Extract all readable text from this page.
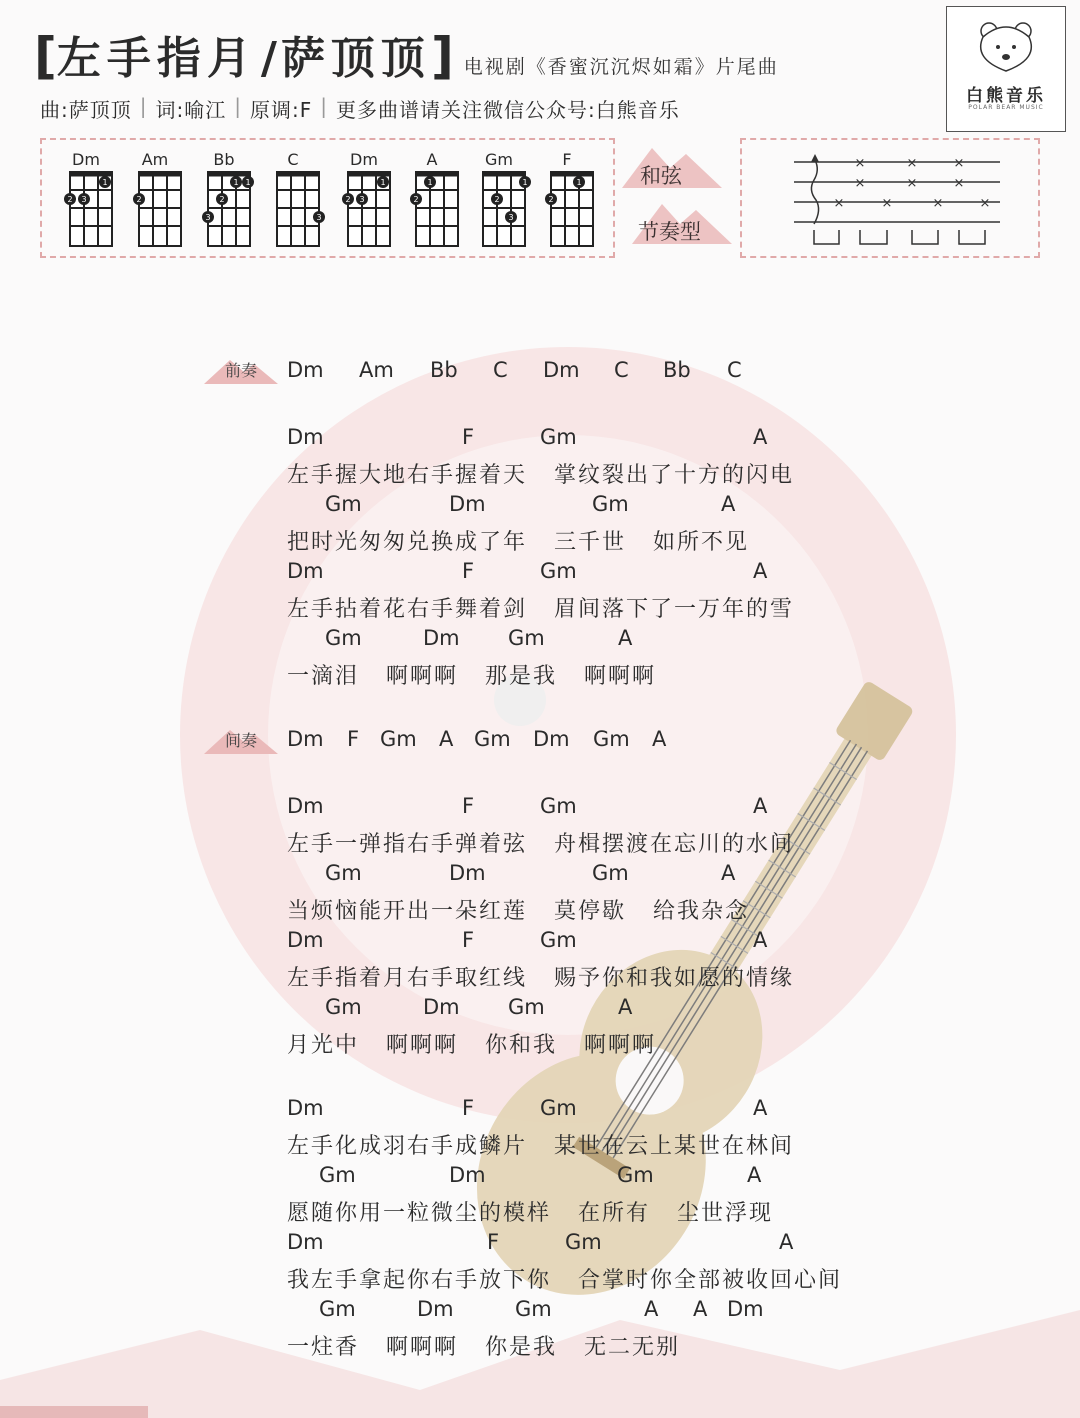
[ 左手指月 / 萨顶顶 ] 电视剧《香蜜沉沉烬如霜》片尾曲
曲:萨顶顶 | 词:喻江 | 原调:F | 更多曲谱请关注微信公众号:白熊音乐
白熊音乐
POLAR BEAR MUSIC
Dm
1
2 3
Am
2
Bb
1 1
2
3
C
3
Dm
1
2 3
A
1
2
Gm
1
2
3
F
1
2
和弦
节奏型
×	×	×
×	×	×
×	×	×	×
前奏	Dm Am Bb C Dm C Bb C
间奏	Dm F Gm A Gm Dm Gm A
Dm	F	Gm	A
左手握大地右手握着天   掌纹裂出了十方的闪电
Gm	Dm	Gm	A
把时光匆匆兑换成了年   三千世   如所不见
Dm	F	Gm	A
左手拈着花右手舞着剑   眉间落下了一万年的雪
Gm	Dm Gm	A
一滴泪   啊啊啊   那是我   啊啊啊
Dm	F	Gm	A
左手一弹指右手弹着弦   舟楫摆渡在忘川的水间
Gm	Dm	Gm	A
当烦恼能开出一朵红莲   莫停歇   给我杂念
Dm	F	Gm	A
左手指着月右手取红线   赐予你和我如愿的情缘
Gm	Dm Gm	A
月光中   啊啊啊   你和我   啊啊啊
Dm	F	Gm	A
左手化成羽右手成鳞片   某世在云上某世在林间
Gm	Dm	Gm	A
愿随你用一粒微尘的模样   在所有   尘世浮现
Dm	F	Gm	A
我左手拿起你右手放下你   合掌时你全部被收回心间
Gm	Dm	Gm	A A Dm
一炷香   啊啊啊   你是我   无二无别
